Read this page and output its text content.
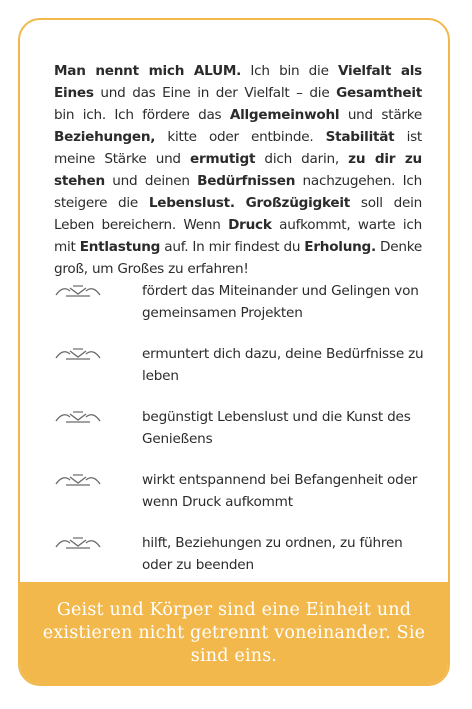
Man nennt mich ALUM. Ich bin die Vielfalt als Eines und das Eine in der Vielfalt – die Gesamtheit bin ich. Ich fördere das Allgemeinwohl und stärke Beziehungen, kitte oder entbinde. Stabilität ist meine Stärke und ermutigt dich darin, zu dir zu stehen und deinen Bedürfnissen nachzugehen. Ich steigere die Lebenslust. Großzügigkeit soll dein Leben bereichern. Wenn Druck aufkommt, warte ich mit Entlastung auf. In mir findest du Erholung. Denke groß, um Großes zu erfahren!

fördert das Miteinander und Gelingen von gemeinsamen Projekten
ermuntert dich dazu, deine Bedürfnisse zu leben
begünstigt Lebenslust und die Kunst des Genießens
wirkt entspannend bei Befangenheit oder wenn Druck aufkommt
hilft, Beziehungen zu ordnen, zu führen oder zu beenden
Geist und Körper sind eine Einheit und existieren nicht getrennt voneinander. Sie sind eins.
